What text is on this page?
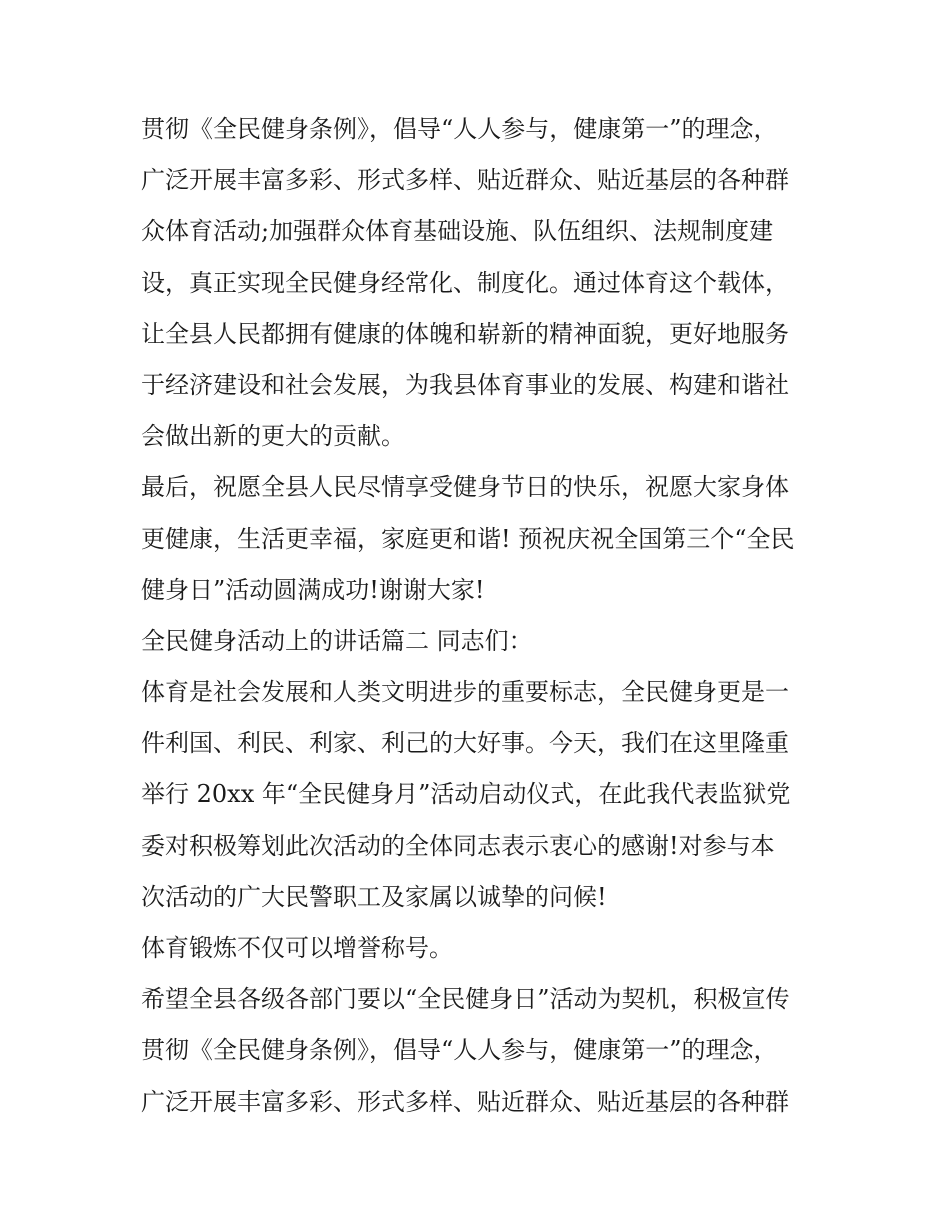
贯彻《全民健身条例》，倡导“人人参与，健康第一”的理念，
广泛开展丰富多彩、形式多样、贴近群众、贴近基层的各种群
众体育活动;加强群众体育基础设施、队伍组织、法规制度建
设，真正实现全民健身经常化、制度化。通过体育这个载体，
让全县人民都拥有健康的体魄和崭新的精神面貌，更好地服务
于经济建设和社会发展，为我县体育事业的发展、构建和谐社
会做出新的更大的贡献。
最后，祝愿全县人民尽情享受健身节日的快乐，祝愿大家身体
更健康，生活更幸福，家庭更和谐! 预祝庆祝全国第三个“全民
健身日”活动圆满成功!谢谢大家!
全民健身活动上的讲话篇二 同志们：
体育是社会发展和人类文明进步的重要标志，全民健身更是一
件利国、利民、利家、利己的大好事。今天，我们在这里隆重
举行 20xx 年“全民健身月”活动启动仪式，在此我代表监狱党
委对积极筹划此次活动的全体同志表示衷心的感谢!对参与本
次活动的广大民警职工及家属以诚挚的问候!
体育锻炼不仅可以增誉称号。
希望全县各级各部门要以“全民健身日”活动为契机，积极宣传
贯彻《全民健身条例》，倡导“人人参与，健康第一”的理念，
广泛开展丰富多彩、形式多样、贴近群众、贴近基层的各种群
